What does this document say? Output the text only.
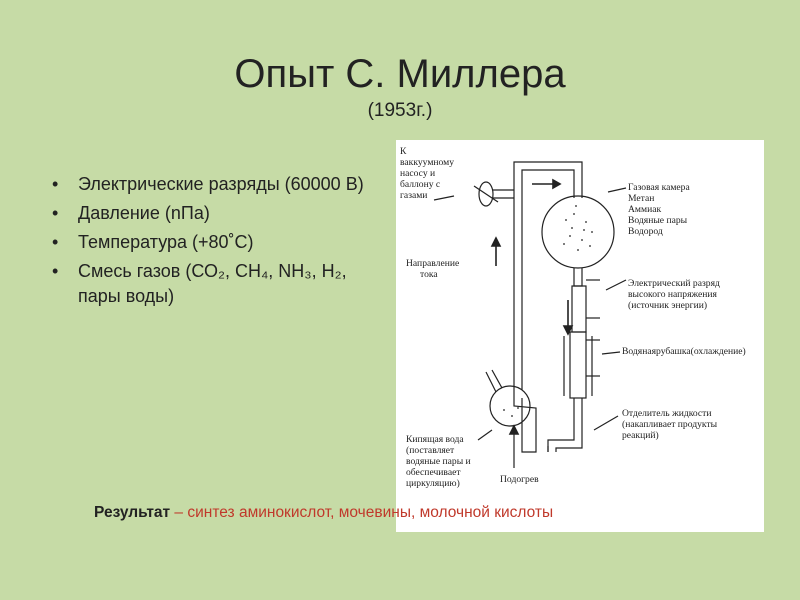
Опыт С. Миллера
(1953г.)
• Электрические разряды (60000 В)
• Давление (nПа)
• Температура (+80˚С)
• Смесь газов (СО₂, СН₄, NH₃, Н₂, пары воды)
К ваккуумному насосу и баллону с газами
Направление тока
Газовая камера Метан Аммиак Водяные пары Водород
Электрический разряд высокого напряжения (источник энергии)
Водянаярубашка(охлаждение)
Отделитель жидкости (накапливает продукты реакций)
Кипящая вода (поставляет водяные пары и обеспечивает циркуляцию)	Подогрев
Результат – синтез аминокислот, мочевины, молочной кислоты
